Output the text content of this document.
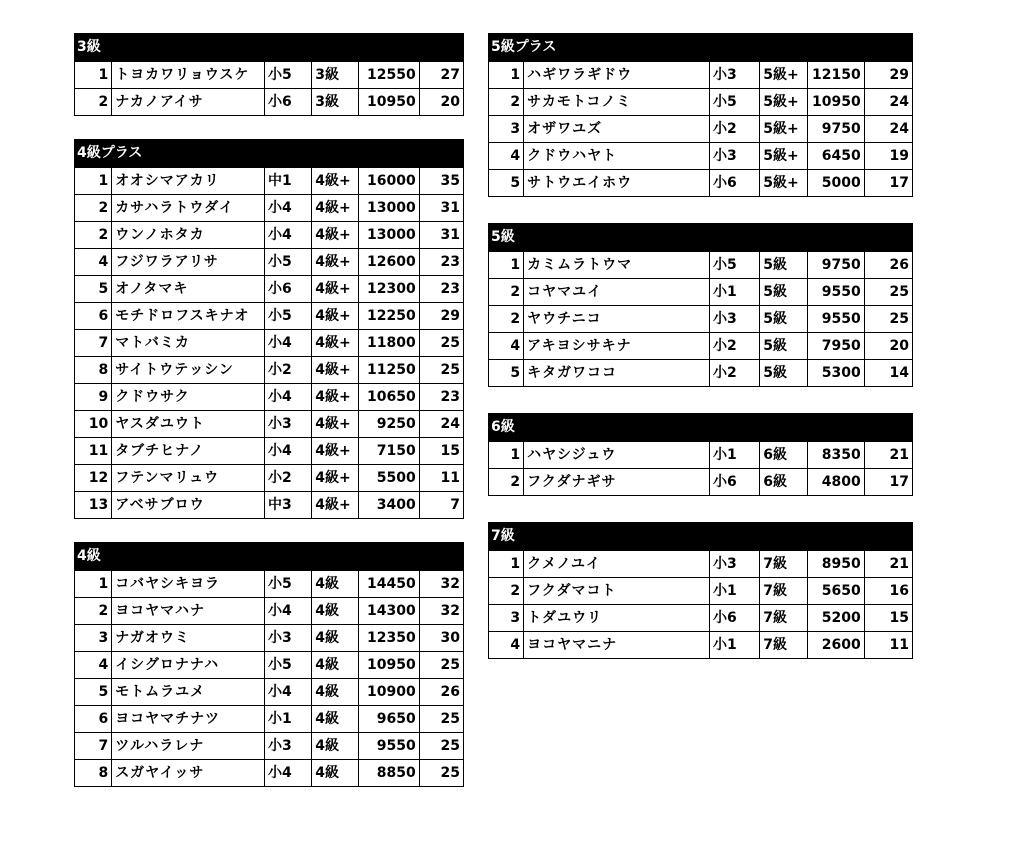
3級
1	トヨカワリョウスケ	小5	3級	12550	27
2	ナカノアイサ	小6	3級	10950	20
4級プラス
1	オオシマアカリ	中1	4級+	16000	35
2	カサハラトウダイ	小4	4級+	13000	31
2	ウンノホタカ	小4	4級+	13000	31
4	フジワラアリサ	小5	4級+	12600	23
5	オノタマキ	小6	4級+	12300	23
6	モチドロフスキナオ	小5	4級+	12250	29
7	マトバミカ	小4	4級+	11800	25
8	サイトウテッシン	小2	4級+	11250	25
9	クドウサク	小4	4級+	10650	23
10	ヤスダユウト	小3	4級+	9250	24
11	タブチヒナノ	小4	4級+	7150	15
12	フテンマリュウ	小2	4級+	5500	11
13	アベサブロウ	中3	4級+	3400	7
4級
1	コバヤシキヨラ	小5	4級	14450	32
2	ヨコヤマハナ	小4	4級	14300	32
3	ナガオウミ	小3	4級	12350	30
4	イシグロナナハ	小5	4級	10950	25
5	モトムラユメ	小4	4級	10900	26
6	ヨコヤマチナツ	小1	4級	9650	25
7	ツルハラレナ	小3	4級	9550	25
8	スガヤイッサ	小4	4級	8850	25
5級プラス
1	ハギワラギドウ	小3	5級+	12150	29
2	サカモトコノミ	小5	5級+	10950	24
3	オザワユズ	小2	5級+	9750	24
4	クドウハヤト	小3	5級+	6450	19
5	サトウエイホウ	小6	5級+	5000	17
5級
1	カミムラトウマ	小5	5級	9750	26
2	コヤマユイ	小1	5級	9550	25
2	ヤウチニコ	小3	5級	9550	25
4	アキヨシサキナ	小2	5級	7950	20
5	キタガワココ	小2	5級	5300	14
6級
1	ハヤシジュウ	小1	6級	8350	21
2	フクダナギサ	小6	6級	4800	17
7級
1	クメノユイ	小3	7級	8950	21
2	フクダマコト	小1	7級	5650	16
3	トダユウリ	小6	7級	5200	15
4	ヨコヤマニナ	小1	7級	2600	11
